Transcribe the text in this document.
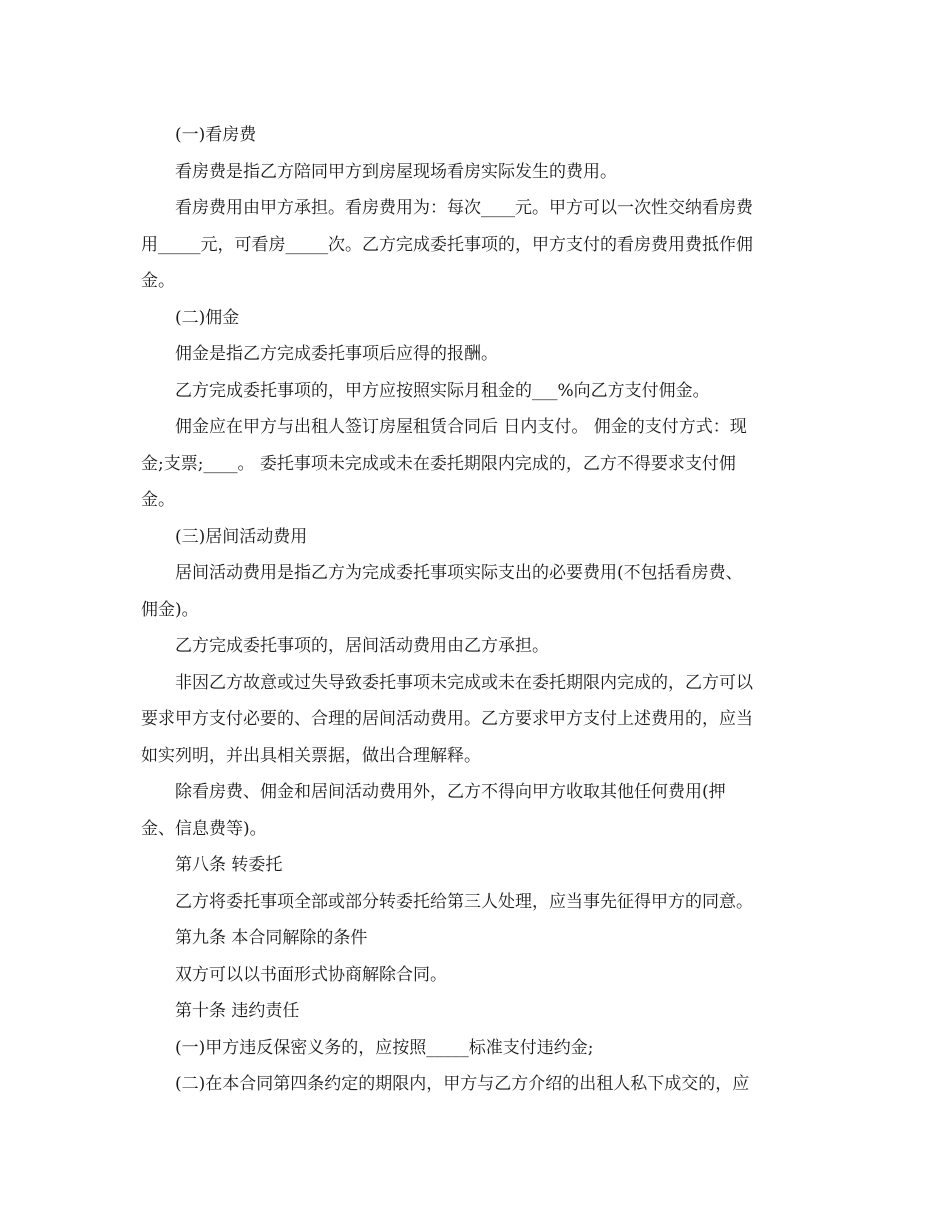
(一)看房费

看房费是指乙方陪同甲方到房屋现场看房实际发生的费用。

看房费用由甲方承担。看房费用为：每次____元。甲方可以一次性交纳看房费
用_____元，可看房_____次。乙方完成委托事项的，甲方支付的看房费用费抵作佣
金。

(二)佣金

佣金是指乙方完成委托事项后应得的报酬。

乙方完成委托事项的，甲方应按照实际月租金的___%向乙方支付佣金。

佣金应在甲方与出租人签订房屋租赁合同后 日内支付。 佣金的支付方式：现
金;支票;____。 委托事项未完成或未在委托期限内完成的，乙方不得要求支付佣
金。

(三)居间活动费用

居间活动费用是指乙方为完成委托事项实际支出的必要费用(不包括看房费、
佣金)。

乙方完成委托事项的，居间活动费用由乙方承担。

非因乙方故意或过失导致委托事项未完成或未在委托期限内完成的，乙方可以
要求甲方支付必要的、合理的居间活动费用。乙方要求甲方支付上述费用的，应当
如实列明，并出具相关票据，做出合理解释。

除看房费、佣金和居间活动费用外，乙方不得向甲方收取其他任何费用(押
金、信息费等)。

第八条 转委托

乙方将委托事项全部或部分转委托给第三人处理，应当事先征得甲方的同意。

第九条 本合同解除的条件

双方可以以书面形式协商解除合同。

第十条 违约责任

(一)甲方违反保密义务的，应按照_____标准支付违约金;

(二)在本合同第四条约定的期限内，甲方与乙方介绍的出租人私下成交的，应
